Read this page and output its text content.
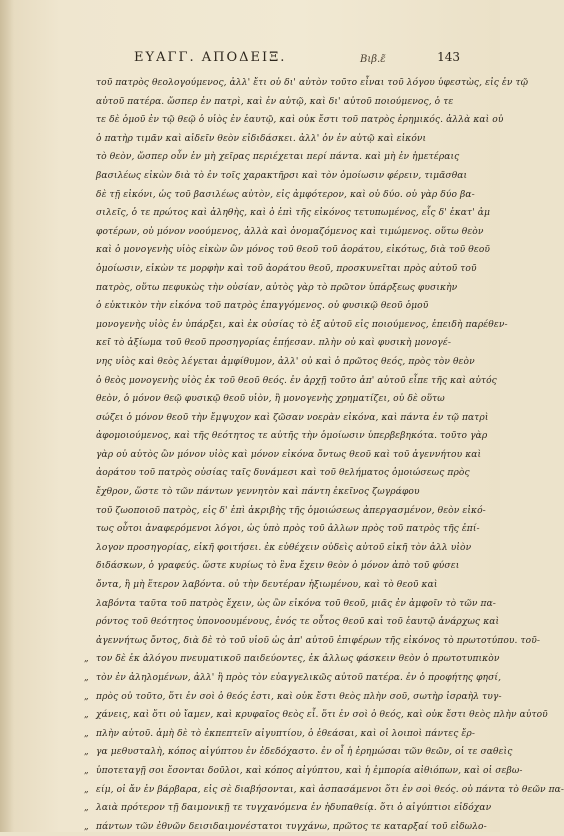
ΕΥΑΓΓ. ΑΠΟΔΕΙΞ.	Βιβ.ε̃	143
τοῦ πατρὸς θεολογούμενος, ἀλλ' ἔτι οὐ δι' αὐτὸν τοῦτο εἶναι τοῦ λόγου ὑφεστὼς, εἰς ἐν τῷ
αὐτοῦ πατέρα. ὥσπερ ἐν πατρὶ, καὶ ἐν αὐτῷ, καὶ δι' αὐτοῦ ποιούμενος, ὁ τε
τε δὲ ὁμοῦ ἐν τῷ θεῷ ὁ υἱὸς ἐν ἑαυτῷ, καὶ οὐκ ἔστι τοῦ πατρὸς ἐρημικός. ἀλλὰ καὶ οὐ
ὁ πατὴρ τιμᾶν καὶ αἰδεῖν θεὸν εἰδιδάσκει. ἀλλ' ὁν ἐν αὐτῷ καὶ εἰκόνι
τὸ θεὸν, ὥσπερ οὖν ἐν μὴ χεῖρας περιέχεται περί πάντα. καὶ μὴ ἐν ἡμετέραις
βασιλέως εἰκὼν διὰ τὸ ἐν τοῖς χαρακτῆρσι καὶ τὸν ὁμοίωσιν φέρειν, τιμᾶσθαι
δὲ τῇ εἰκόνι, ὡς τοῦ βασιλέως αὐτὸν, εἰς ἀμφότερον, καὶ οὐ δύο. οὐ γὰρ δύο βα-
σιλεῖς, ὁ τε πρώτος καὶ ἀληθὴς, καὶ ὁ ἐπὶ τῆς εἰκόνος τετυπωμένος, εἷς δ' ἐκατ' ἀμ
φοτέρων, οὐ μόνον νοούμενος, ἀλλὰ καὶ ὀνομαζόμενος καὶ τιμώμενος. οὕτω θεὸν
καὶ ὁ μονογενὴς υἱὸς εἰκὼν ὢν μόνος τοῦ θεοῦ τοῦ ἀοράτου, εἰκότως, διὰ τοῦ θεοῦ
ὁμοίωσιν, εἰκὼν τε μορφὴν καὶ τοῦ ἀοράτου θεοῦ, προσκυνεῖται πρὸς αὐτοῦ τοῦ
πατρὸς, οὕτω πεφυκὼς τὴν οὐσίαν, αὐτὸς γὰρ τὸ πρῶτον ὑπάρξεως φυσικὴν
ὁ εὐκτικὸν τὴν εἰκόνα τοῦ πατρὸς ἐπαγγόμενος. οὐ φυσικῷ θεοῦ ὁμοῦ
μονογενὴς υἱὸς ἐν ὑπάρξει, καὶ ἐκ οὐσίας τὸ ἐξ αὐτοῦ εἰς ποιούμενος, ἐπειδὴ παρέθεν-
κεῖ τὸ ἀξίωμα τοῦ θεοῦ προσηγορίας ἐπῄεσαν. πλὴν οὐ καὶ φυσικὴ μονογέ-
νης υἱὸς καὶ θεὸς λέγεται ἀμφίθυμον, ἀλλ' οὐ καὶ ὁ πρῶτος θεός, πρὸς τὸν θεὸν
ὁ θεὸς μονογενὴς υἱὸς ἐκ τοῦ θεοῦ θεός. ἐν ἀρχῇ τοῦτο ἀπ' αὐτοῦ εἶπε τῆς καὶ αὐτός
θεὸν, ὁ μόνον θεῷ φυσικῷ θεοῦ υἱὸν, ἢ μονογενὴς χρηματίζει, οὐ δὲ οὕτω
σώζει ὁ μόνον θεοῦ τὴν ἔμψυχον καὶ ζῶσαν νοερὰν εἰκόνα, καὶ πάντα ἐν τῷ πατρὶ
ἀφομοιούμενος, καὶ τῆς θεότητος τε αὐτῆς τὴν ὁμοίωσιν ὑπερβεβηκότα. τοῦτο γὰρ
γὰρ οὐ αὐτὸς ὢν μόνον υἱὸς καὶ μόνον εἰκόνα ὄντως θεοῦ καὶ τοῦ ἀγεννήτου καὶ
ἀοράτου τοῦ πατρὸς οὐσίας ταῖς δυνάμεσι καὶ τοῦ θελήματος ὁμοιώσεως πρὸς
ἔχθρον, ὥστε τὸ τῶν πάντων γεννητὸν καὶ πάντη ἐκεῖνος ζωγράφου
τοῦ ζωοποιοῦ πατρὸς, εἰς δ' ἐπὶ ἀκριβὴς τῆς ὁμοιώσεως ἀπεργασμένον, θεὸν εἰκό-
τως οὗτοι ἀναφερόμενοι λόγοι, ὡς ὑπὸ πρὸς τοῦ ἀλλων πρὸς τοῦ πατρὸς τῆς ἐπί-
λογον προσηγορίας, εἰκῆ φοιτήσει. ἐκ εὐθέχειν οὐδεὶς αὐτοῦ εἰκῆ τὸν ἀλλ υἱὸν
διδάσκων, ὁ γραφεύς. ὥστε κυρίως τὸ ἓνα ἔχειν θεὸν ὁ μόνον ἀπὸ τοῦ φύσει
ὄντα, ἢ μὴ ἕτερον λαβόντα. οὐ τὴν δευτέραν ἠξιωμένου, καὶ τὸ θεοῦ καὶ
λαβόντα ταῦτα τοῦ πατρὸς ἔχειν, ὡς ὢν εἰκόνα τοῦ θεοῦ, μιᾶς ἐν ἀμφοῖν τὸ τῶν πα-
ρόντος τοῦ θεότητος ὑπονοουμένους, ἑνός τε οὗτος θεοῦ καὶ τοῦ ἑαυτῷ ἀνάρχως καὶ
ἀγεννήτως ὄντος, διὰ δὲ τὸ τοῦ υἱοῦ ὡς ἀπ' αὐτοῦ ἐπιφέρων τῆς εἰκόνος τὸ πρωτοτύπου. τοῦ-
„ τον δὲ ἐκ ἀλόγου πνευματικοῦ παιδεύοντες, ἐκ ἀλλως φάσκειν θεὸν ὁ πρωτοτυπικὸν
„ τὸν ἐν ἀληλομένων, ἀλλ' ἢ πρὸς τὸν εὐαγγελικῶς αὐτοῦ πατέρα. ἐν ὁ προφήτης φησί,
„ πρὸς οὐ τοῦτο, ὅτι ἐν σοὶ ὁ θεός ἐστι, καὶ οὐκ ἔστι θεὸς πλὴν σοῦ, σωτὴρ ἰσραὴλ τυγ-
„ χάνεις, καὶ ὅτι οὐ ἴαμεν, καὶ κρυφαῖος θεὸς εἶ. ὅτι ἐν σοὶ ὁ θεός, καὶ οὐκ ἔστι θεὸς πλὴν αὐτοῦ
„ πλὴν αὐτοῦ. ἀμὴ δὲ τὸ ἐκπεπτεῖν αἰγυπτίου, ὁ ἐθεάσαι, καὶ οἱ λοιποὶ πάντες ἔρ-
„ γα μεθυσταλὴ, κόπος αἰγύπτου ἐν ἐδεδόχαστο. ἐν οἷ ἡ ἐρημώσαι τῶν θεῶν, οἱ τε σαθεὶς
„ ὑποτεταγῇ σοι ἔσονται δοῦλοι, καὶ κόπος αἰγύπτου, καὶ ἡ ἐμπορία αἰθιόπων, καὶ οἱ σεβω-
„ είμ, οἱ ἄν ἐν βάρβαρα, εἰς σὲ διαβήσονται, καὶ ἀσπασάμενοι ὅτι ἐν σοὶ θεός. οὐ πάντα τὸ θεῶν πα-
„ λαιὰ πρότερον τῇ δαιμονικῇ τε τυγχανόμενα ἐν ἡδυπαθείᾳ. ὅτι ὁ αἰγύπτιοι εἰδόχαν
„ πάντων τῶν ἐθνῶν δεισιδαιμονέστατοι τυγχάνω, πρῶτος τε καταρξαί τοῦ εἰδωλο-
